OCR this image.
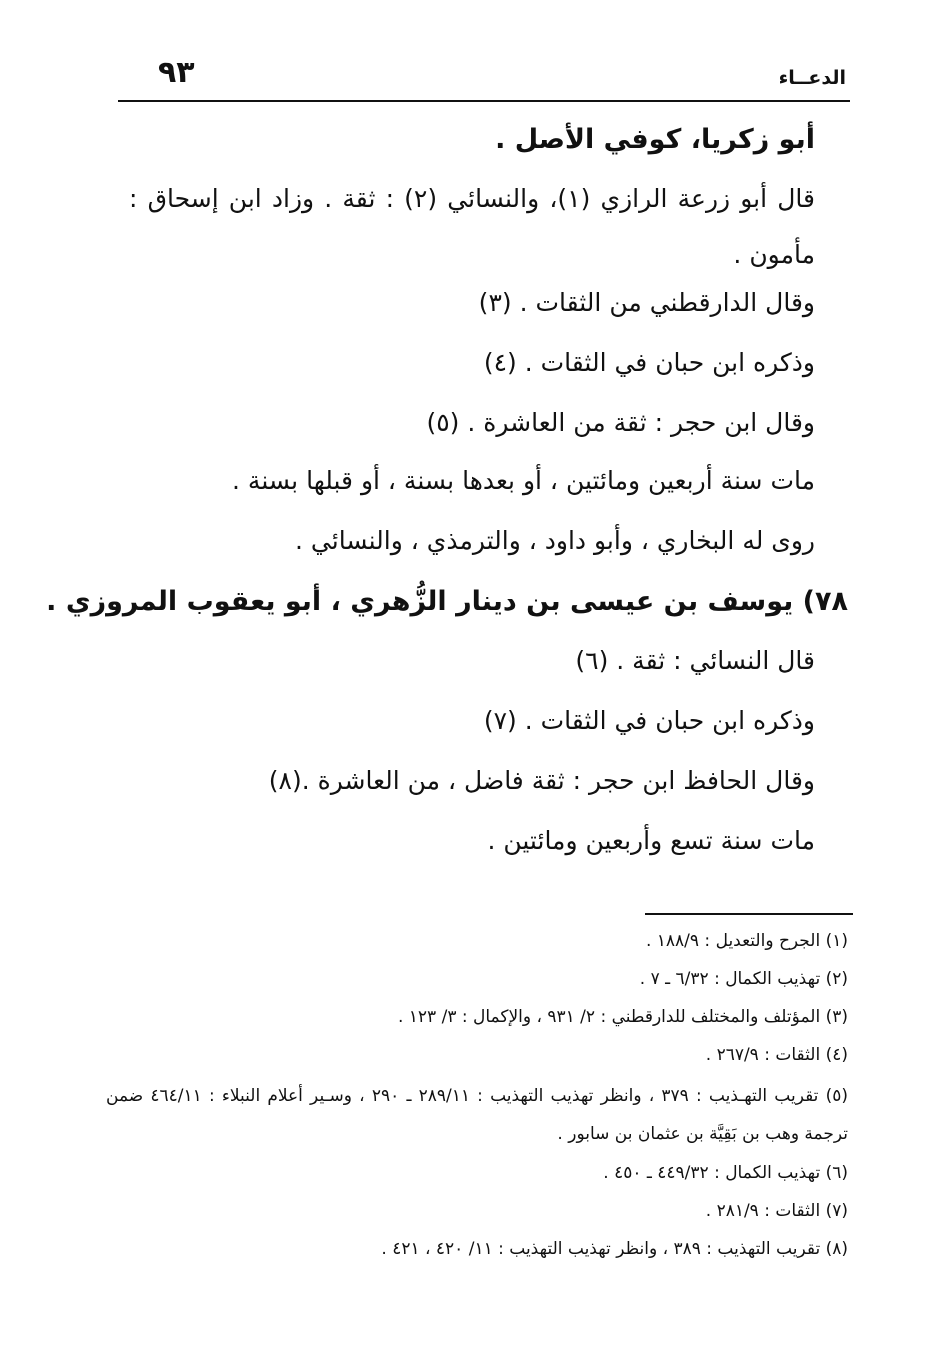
٩٣	الدعــاء
أبو زكريا، كوفي الأصل .
قال أبو زرعة الرازي (١)، والنسائي (٢) : ثقة . وزاد ابن إسحاق : مأمون .
وقال الدارقطني من الثقات . (٣)
وذكره ابن حبان في الثقات . (٤)
وقال ابن حجر : ثقة من العاشرة . (٥)
مات سنة أربعين ومائتين ، أو بعدها بسنة ، أو قبلها بسنة .
روى له البخاري ، وأبو داود ، والترمذي ، والنسائي .
٧٨) يوسف بن عيسى بن دينار الزُّهري ، أبو يعقوب المروزي .
قال النسائي : ثقة . (٦)
وذكره ابن حبان في الثقات . (٧)
وقال الحافظ ابن حجر : ثقة فاضل ، من العاشرة .(٨)
مات سنة تسع وأربعين ومائتين .
(١) الجرح والتعديل : ١٨٨/٩ .
(٢) تهذيب الكمال : ٦/٣٢ ـ ٧ .
(٣) المؤتلف والمختلف للدارقطني : ٢/ ٩٣١ ، والإكمال : ٣/ ١٢٣ .
(٤) الثقات : ٢٦٧/٩ .
(٥) تقريب التهـذيب : ٣٧٩ ، وانظر تهذيب التهذيب : ٢٨٩/١١ ـ ٢٩٠ ، وسـير أعلام النبلاء : ٤٦٤/١١ ضمن ترجمة وهب بن بَقِيَّة بن عثمان بن سابور .
(٦) تهذيب الكمال : ٤٤٩/٣٢ ـ ٤٥٠ .
(٧) الثقات : ٢٨١/٩ .
(٨) تقريب التهذيب : ٣٨٩ ، وانظر تهذيب التهذيب : ١١/ ٤٢٠ ، ٤٢١ .
